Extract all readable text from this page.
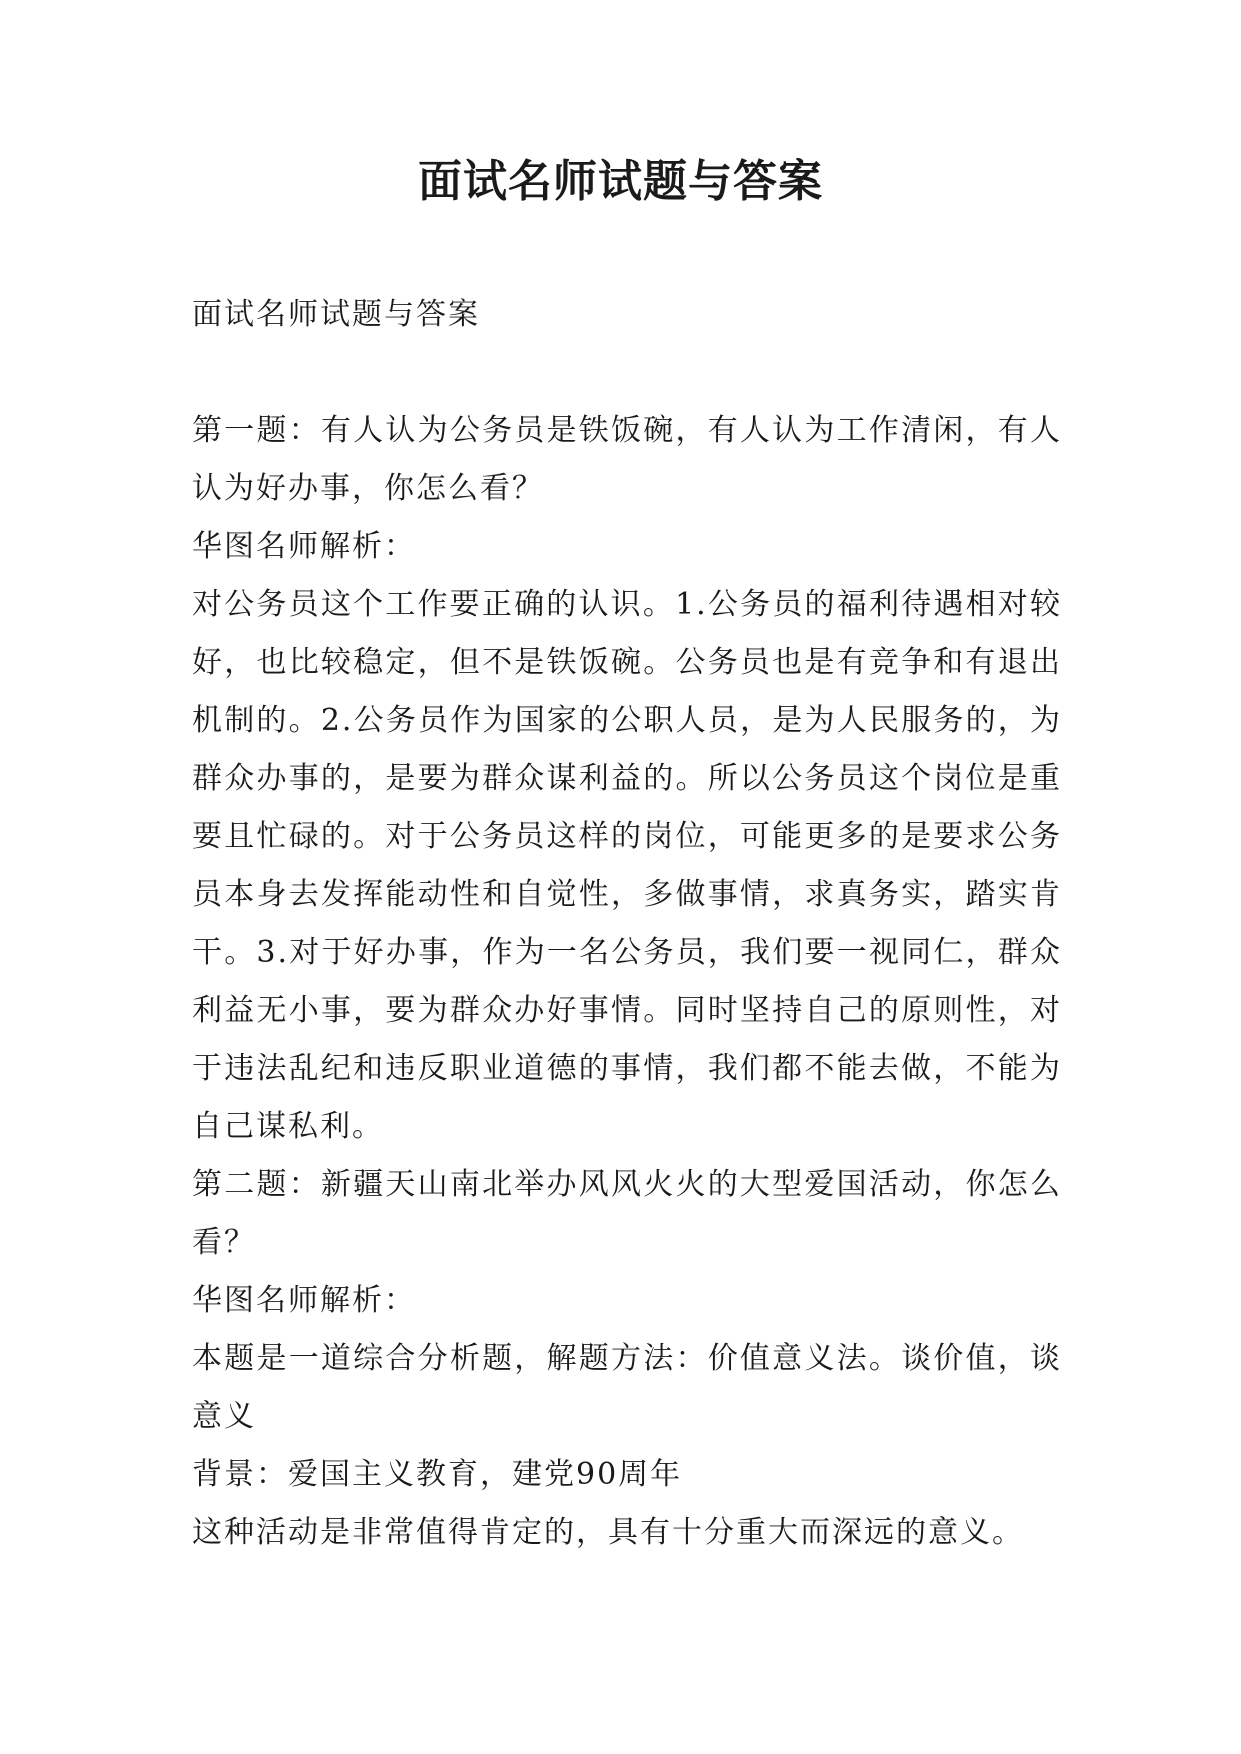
面试名师试题与答案

面试名师试题与答案

第一题：有人认为公务员是铁饭碗，有人认为工作清闲，有人认为好办事，你怎么看？

华图名师解析：

对公务员这个工作要正确的认识。1.公务员的福利待遇相对较好，也比较稳定，但不是铁饭碗。公务员也是有竞争和有退出机制的。2.公务员作为国家的公职人员，是为人民服务的，为群众办事的，是要为群众谋利益的。所以公务员这个岗位是重要且忙碌的。对于公务员这样的岗位，可能更多的是要求公务员本身去发挥能动性和自觉性，多做事情，求真务实，踏实肯干。3.对于好办事，作为一名公务员，我们要一视同仁，群众利益无小事，要为群众办好事情。同时坚持自己的原则性，对于违法乱纪和违反职业道德的事情，我们都不能去做，不能为自己谋私利。

第二题：新疆天山南北举办风风火火的大型爱国活动，你怎么看？

华图名师解析：

本题是一道综合分析题，解题方法：价值意义法。谈价值，谈意义

背景：爱国主义教育，建党90周年

这种活动是非常值得肯定的，具有十分重大而深远的意义。
